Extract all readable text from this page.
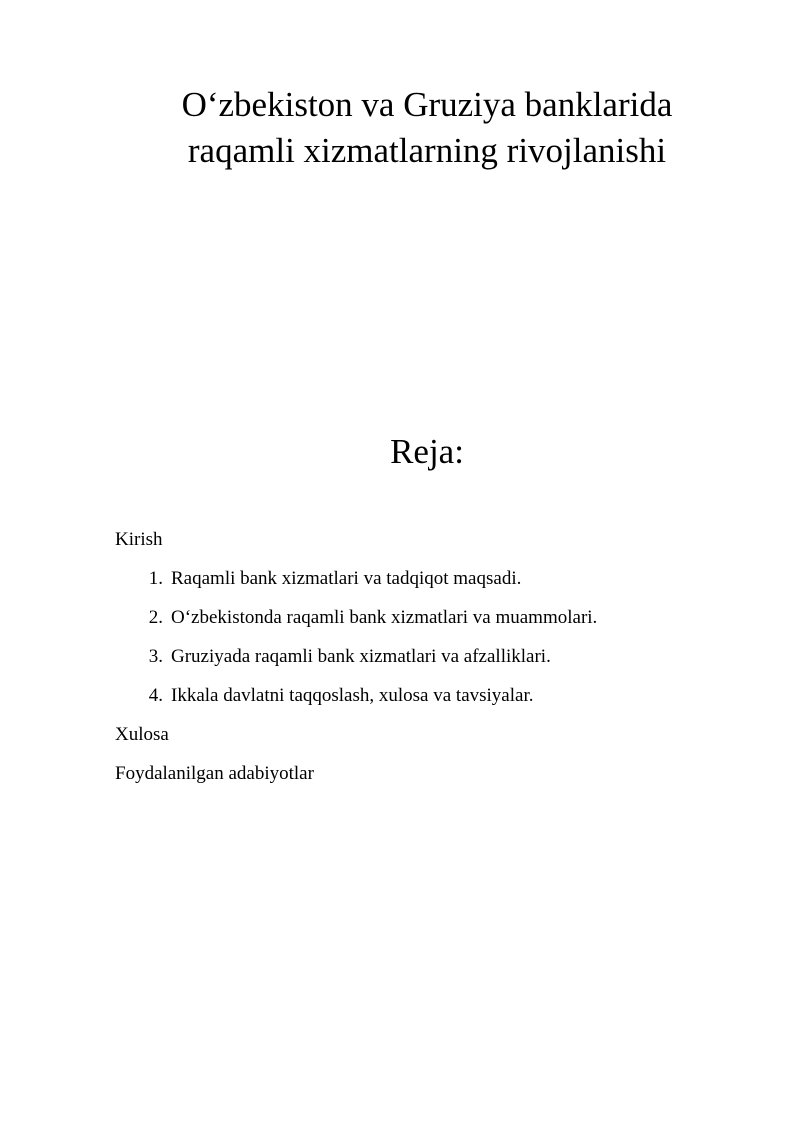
O‘zbekiston va Gruziya banklarida
raqamli xizmatlarning rivojlanishi
Reja:
Kirish
1. Raqamli bank xizmatlari va tadqiqot maqsadi.
2. O‘zbekistonda raqamli bank xizmatlari va muammolari.
3. Gruziyada raqamli bank xizmatlari va afzalliklari.
4. Ikkala davlatni taqqoslash, xulosa va tavsiyalar.
Xulosa
Foydalanilgan adabiyotlar
